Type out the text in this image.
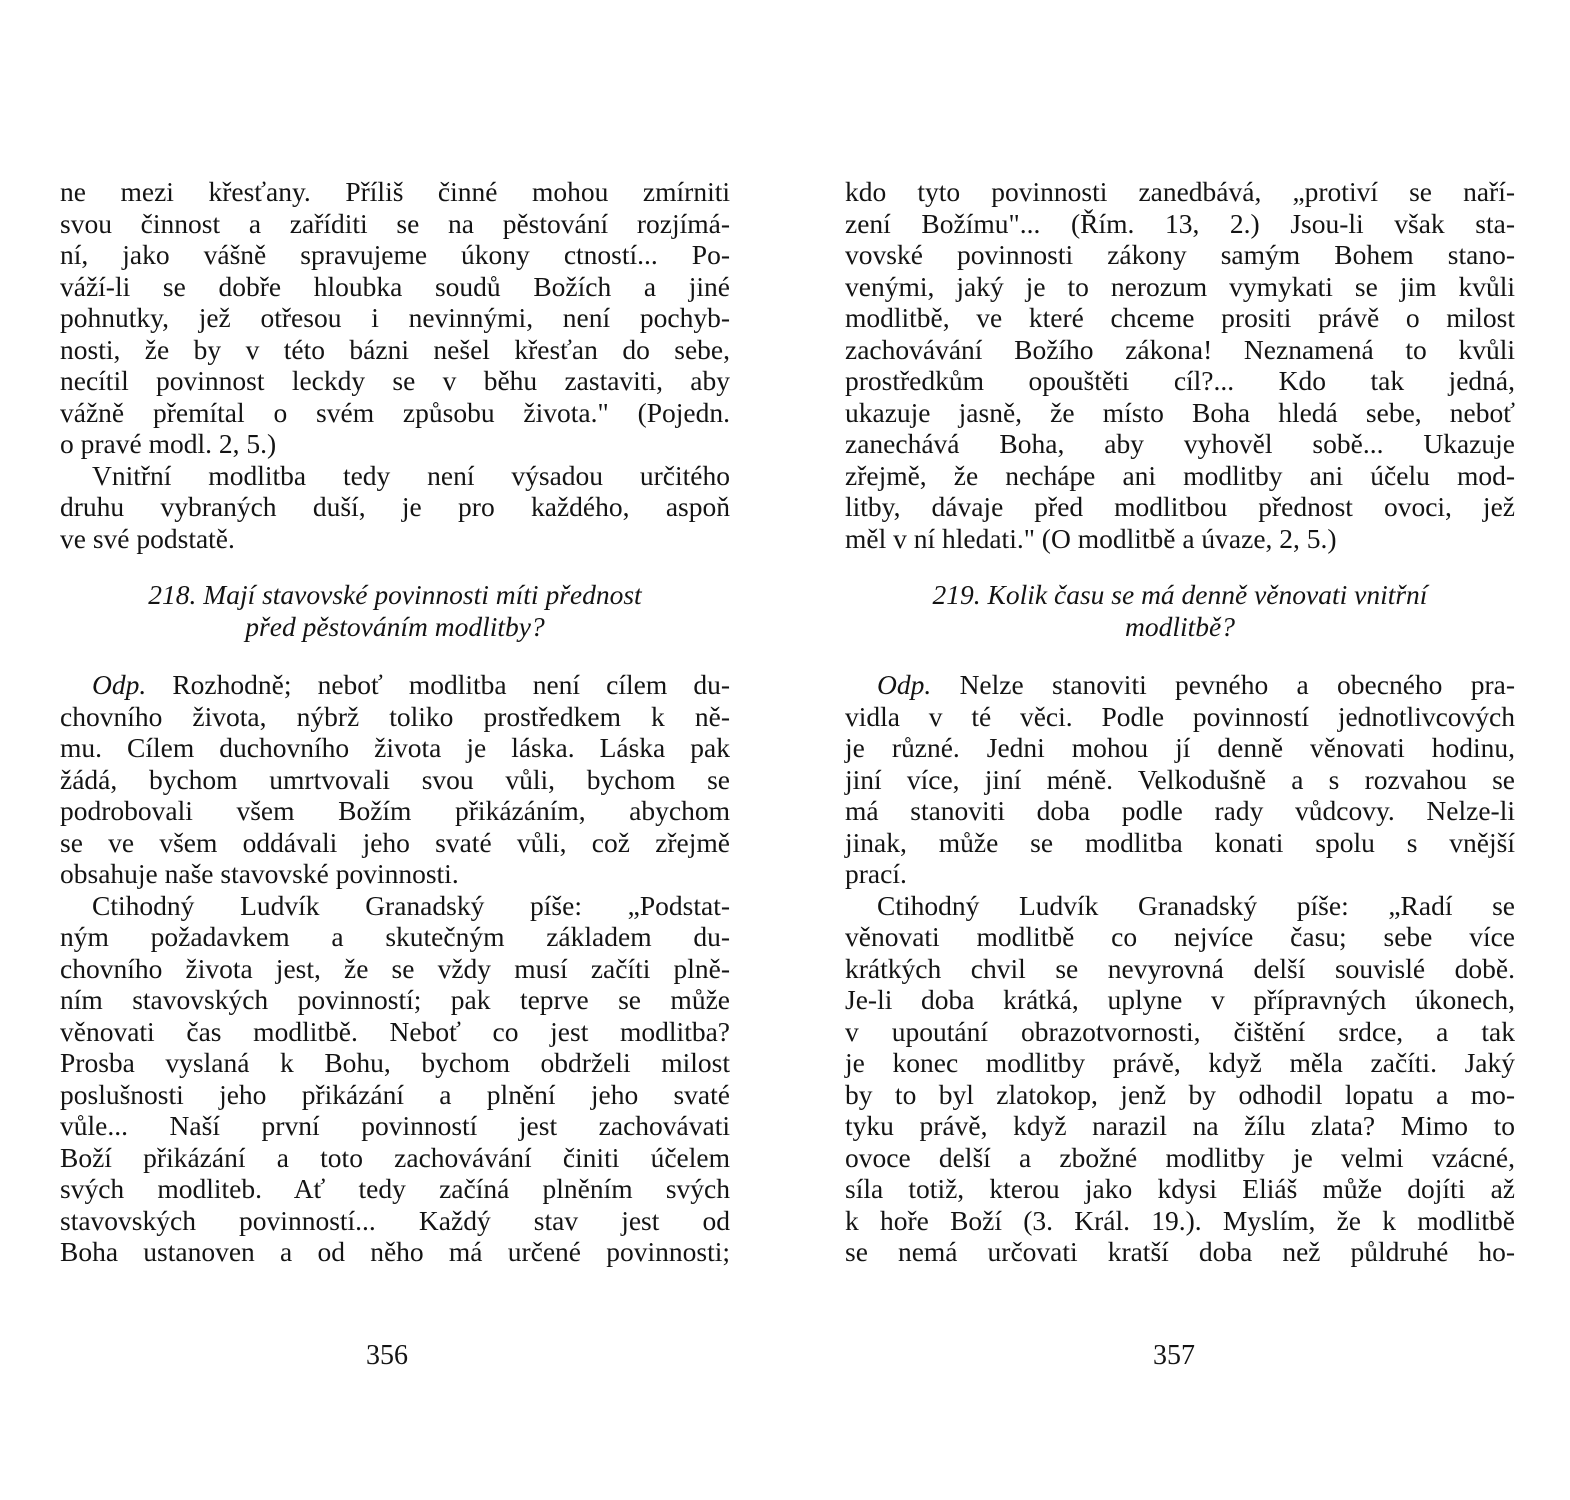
ne mezi křesťany. Příliš činné mohou zmírniti
svou činnost a zaříditi se na pěstování rozjímá-
ní, jako vášně spravujeme úkony ctností... Po-
váží-li se dobře hloubka soudů Božích a jiné
pohnutky, jež otřesou i nevinnými, není pochyb-
nosti, že by v této bázni nešel křesťan do sebe,
necítil povinnost leckdy se v běhu zastaviti, aby
vážně přemítal o svém způsobu života." (Pojedn.
o pravé modl. 2, 5.)
Vnitřní modlitba tedy není výsadou určitého
druhu vybraných duší, je pro každého, aspoň
ve své podstatě.
218. Mají stavovské povinnosti míti přednost
před pěstováním modlitby?
Odp. Rozhodně; neboť modlitba není cílem du-
chovního života, nýbrž toliko prostředkem k ně-
mu. Cílem duchovního života je láska. Láska pak
žádá, bychom umrtvovali svou vůli, bychom se
podrobovali všem Božím přikázáním, abychom
se ve všem oddávali jeho svaté vůli, což zřejmě
obsahuje naše stavovské povinnosti.
Ctihodný Ludvík Granadský píše: „Podstat-
ným požadavkem a skutečným základem du-
chovního života jest, že se vždy musí začíti plně-
ním stavovských povinností; pak teprve se může
věnovati čas modlitbě. Neboť co jest modlitba?
Prosba vyslaná k Bohu, bychom obdrželi milost
poslušnosti jeho přikázání a plnění jeho svaté
vůle... Naší první povinností jest zachovávati
Boží přikázání a toto zachovávání činiti účelem
svých modliteb. Ať tedy začíná plněním svých
stavovských povinností... Každý stav jest od
Boha ustanoven a od něho má určené povinnosti;
356
kdo tyto povinnosti zanedbává, „protiví se naří-
zení Božímu"... (Řím. 13, 2.) Jsou-li však sta-
vovské povinnosti zákony samým Bohem stano-
venými, jaký je to nerozum vymykati se jim kvůli
modlitbě, ve které chceme prositi právě o milost
zachovávání Božího zákona! Neznamená to kvůli
prostředkům opouštěti cíl?... Kdo tak jedná,
ukazuje jasně, že místo Boha hledá sebe, neboť
zanechává Boha, aby vyhověl sobě... Ukazuje
zřejmě, že nechápe ani modlitby ani účelu mod-
litby, dávaje před modlitbou přednost ovoci, jež
měl v ní hledati." (O modlitbě a úvaze, 2, 5.)
219. Kolik času se má denně věnovati vnitřní
modlitbě?
Odp. Nelze stanoviti pevného a obecného pra-
vidla v té věci. Podle povinností jednotlivcových
je různé. Jedni mohou jí denně věnovati hodinu,
jiní více, jiní méně. Velkodušně a s rozvahou se
má stanoviti doba podle rady vůdcovy. Nelze-li
jinak, může se modlitba konati spolu s vnější
prací.
Ctihodný Ludvík Granadský píše: „Radí se
věnovati modlitbě co nejvíce času; sebe více
krátkých chvil se nevyrovná delší souvislé době.
Je-li doba krátká, uplyne v přípravných úkonech,
v upoutání obrazotvornosti, čištění srdce, a tak
je konec modlitby právě, když měla začíti. Jaký
by to byl zlatokop, jenž by odhodil lopatu a mo-
tyku právě, když narazil na žílu zlata? Mimo to
ovoce delší a zbožné modlitby je velmi vzácné,
síla totiž, kterou jako kdysi Eliáš může dojíti až
k hoře Boží (3. Král. 19.). Myslím, že k modlitbě
se nemá určovati kratší doba než půldruhé ho-
357
